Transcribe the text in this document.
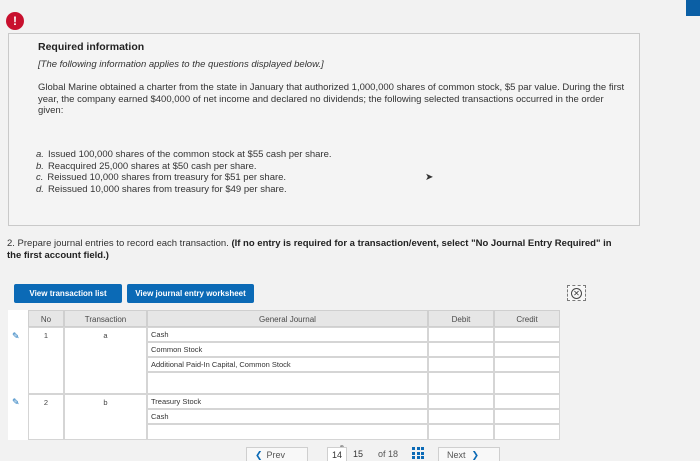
!
Required information
[The following information applies to the questions displayed below.]
Global Marine obtained a charter from the state in January that authorized 1,000,000 shares of common stock, $5 par value. During the first year, the company earned $400,000 of net income and declared no dividends; the following selected transactions occurred in the order given:
a. Issued 100,000 shares of the common stock at $55 cash per share.
b. Reacquired 25,000 shares at $50 cash per share.
c. Reissued 10,000 shares from treasury for $51 per share.
d. Reissued 10,000 shares from treasury for $49 per share.
➤
2. Prepare journal entries to record each transaction. (If no entry is required for a transaction/event, select "No Journal Entry Required" in the first account field.)
View transaction list	View journal entry worksheet	✕
No	Transaction	General Journal	Debit	Credit
✎	1	a	Cash
Common Stock
Additional Paid-In Capital, Common Stock
✎	2	b	Treasury Stock
Cash
❮ Prev	14	15	of 18	Next ❯
